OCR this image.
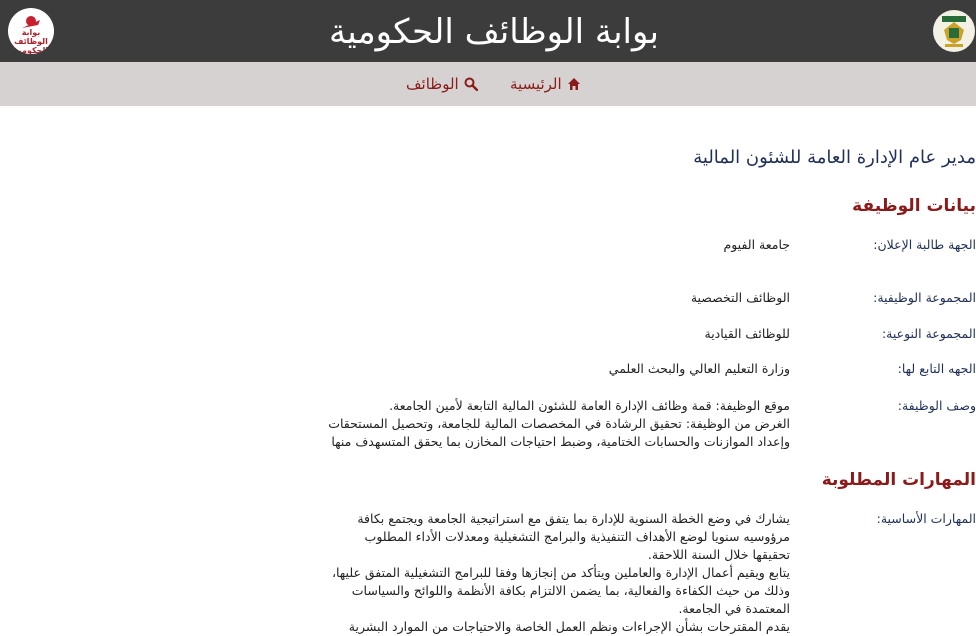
بوابة
الوظائف
الحكومية	بوابة الوظائف الحكومية
الرئيسية
الوظائف
مدير عام الإدارة العامة للشئون المالية
بيانات الوظيفة
الجهة طالبة الإعلان:
جامعة الفيوم
المجموعة الوظيفية:
الوظائف التخصصية
المجموعة النوعية:
للوظائف القيادية
الجهه التابع لها:
وزارة التعليم العالي والبحث العلمي
وصف الوظيفة:
موقع الوظيفة: قمة وظائف الإدارة العامة للشئون المالية التابعة لأمين الجامعة.
الغرض من الوظيفة: تحقيق الرشادة في المخصصات المالية للجامعة، وتحصيل المستحقات
وإعداد الموازنات والحسابات الختامية، وضبط احتياجات المخازن بما يحقق المتسهدف منها
المهارات المطلوبة
المهارات الأساسية:
يشارك في وضع الخطة السنوية للإدارة بما يتفق مع استراتيجية الجامعة ويجتمع بكافة
مرؤوسيه سنويا لوضع الأهداف التنفيذية والبرامج التشغيلية ومعدلات الأداء المطلوب
تحقيقها خلال السنة اللاحقة.
يتابع ويقيم أعمال الإدارة والعاملين ويتأكد من إنجازها وفقا للبرامج التشغيلية المتفق عليها،
وذلك من حيث الكفاءة والفعالية، بما يضمن الالتزام بكافة الأنظمة واللوائح والسياسات
المعتمدة في الجامعة.
يقدم المقترحات بشأن الإجراءات ونظم العمل الخاصة والاحتياجات من الموارد البشرية
